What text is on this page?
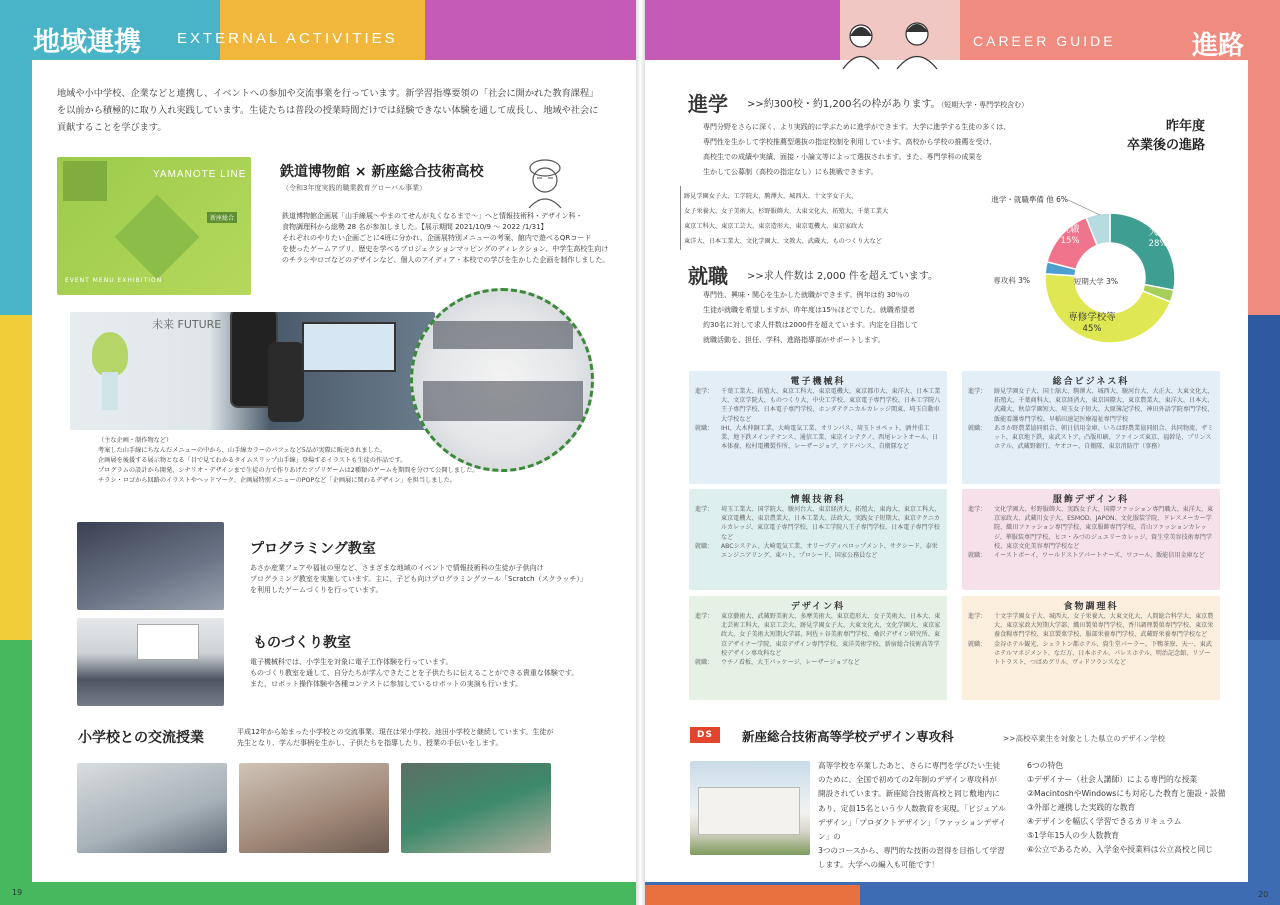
地域連携 EXTERNAL ACTIVITIES
地域や小中学校、企業などと連携し、イベントへの参加や交流事業を行っています。新学習指導要領の「社会に開かれた教育課程」
を以前から積極的に取り入れ実践しています。生徒たちは普段の授業時間だけでは経験できない体験を通して成長し、地域や社会に
貢献することを学びます。
YAMANOTE LINE
新座総合
EVENT MENU EXHIBITION
鉄道博物館 × 新座総合技術高校
（令和3年度実践的職業教育グローバル事業）
鉄道博物館企画展「山手線展～やまのてせんが丸くなるまで～」へと情報技術科・デザイン科・
食物調理科から総勢 28 名が参加しました。【展示期間 2021/10/9 ～ 2022 /1/31】
それぞれのやりたい企画ごとに4班に分かれ、企画展特別メニューの考案、館内で遊べるQRコード
を使ったゲームアプリ、歴史を学べるプロジェクションマッピングのディレクション、中学生高校生向け
のチラシやロゴなどのデザインなど、個人のアイディア・本校での学びを生かした企画を制作しました。
未来 FUTURE
（主な企画・制作物など）
考案した山手線にちなんだメニューの中から、山手線カラーのパフェなど5品が実際に販売されました。
企画展を後援する展示物となる「目で見てわかるタイムスリップ山手線」登場するイラストも生徒の作品です。
プログラムの設計から開発、シナリオ・デザインまで生徒の力で作りあげたアプリゲームは2種類のゲームを期間を分けて公開しました。
チラシ・ロゴから回路のイラストやヘッドマーク、企画展特別メニューのPOPなど「企画展に関わるデザイン」を担当しました。
プログラミング教室
あさか産業フェアや福祉の里など、さまざまな地域のイベントで情報技術科の生徒が子供向け
プログラミング教室を実施しています。主に、子ども向けプログラミングツール「Scratch（スクラッチ）」
を利用したゲームづくりを行っています。
ものづくり教室
電子機械科では、小学生を対象に電子工作体験を行っています。
ものづくり教室を通して、自分たちが学んできたことを子供たちに伝えることができる貴重な体験です。
また、ロボット操作体験や各種コンテストに参加しているロボットの実演も行います。
小学校との交流授業	平成12年から始まった小学校との交流事業。現在は栄小学校、池田小学校と継続しています。生徒が
先生となり、学んだ事柄を生かし、子供たちを指導したり、授業の手伝いをします。
19
CAREER GUIDE	進路
進学 >>約300校・約1,200名の枠があります。（短期大学・専門学校含む）
専門分野をさらに深く、より実践的に学ぶために進学ができます。大学に進学する生徒の多くは、
専門性を生かして学校推薦型選抜の指定校制を利用しています。高校から学校の推薦を受け、
高校生での成績や実績、面接・小論文等によって選抜されます。また、専門学科の成果を
生かして公募制（高校の指定なし）にも挑戦できます。
跡見学園女子大、工学院大、駒澤大、城西大、十文字女子大、
女子栄養大、女子美術大、杉野服飾大、大東文化大、拓殖大、千葉工業大
東京工科大、東京工芸大、東京造形大、東京電機大、東京家政大
東洋大、日本工業大、文化学園大、文教大、武蔵大、ものつくり大など
就職 >>求人件数は 2,000 件を超えています。
専門性、興味・関心を生かした就職ができます。例年は約 30％の
生徒が就職を希望しますが、昨年度は15％ほどでした。就職希望者
約30名に対して求人件数は2000件を超えています。内定を目指して
就職活動を、担任、学科、進路指導部がサポートします。
昨年度
卒業後の進路
大学
28%
短期大学 3%
専修学校等
45%
専攻科 3%
就職
15%
進学・就職準備 他 6%
電子機械科
進学：	千葉工業大、拓殖大、東京工科大、東京電機大、東京都市大、東洋大、日本工業大、文京学院大、ものつくり大、中央工学校、東京電子専門学校、日本工学院八王子専門学校、日本電子専門学校、ホンダテクニカルカレッジ関東、埼玉自動車大学校など
就職：	IHI、大木伸銅工業、大崎電気工業、オリンパス、埼玉トヨペット、酒井重工業、地下鉄メインテナンス、通信工業、東京インテクノ、西尾レントオール、日本体養、松村電機製作所、レーザージョブ、アドバンス、自衛隊など
総合ビジネス科
進学：	跡見学園女子大、国士舘大、駒澤大、城西大、駿河台大、大正大、大東文化大、拓殖大、千葉商科大、東京経済大、東京国際大、東京農業大、東洋大、日本大、武蔵大、秋草学園短大、埼玉女子短大、大原簿記学校、神田外語学院専門学校、飯能看護専門学校、早稲田速記医療福祉専門学校
就職：	あさか野農業協同組合、朝日信用金庫、いろは野農業協同組合、共同物流、ザミット、東京地下鉄、東武ストア、凸版印刷、ファインズ東京、福幹是、プリンスホテル、武蔵野銀行、ヤオコー、自衛隊、東京消防庁（事務）
情報技術科
進学：	埼玉工業大、国学院大、駿河台大、東京経済大、拓殖大、東海大、東京工科大、東京電機大、東京農業大、日本工業大、法政大、実践女子短期大、東京テクニカルカレッジ、東京電子専門学校、日本工学院八王子専門学校、日本電子専門学校など
就職：	ABCシステム、大崎電気工業、オリーブディベロップメント、サクシード、泰栄エンジニアリング、東ハト、プロシード、国家公務員など
服飾デザイン科
進学：	文化学園大、杉野服飾大、実践女子大、国際ファッション専門職大、東洋大、東京家政大、武蔵川女子大、ESMOD、JAPON、文化服装学院、ドレスメーカー学院、織田ファッション専門学校、東京服飾専門学校、青山ファッションカレッジ、華服装専門学校、ヒコ・みづのジュエリーカレッジ、資生堂美容技術専門学校、東京文化美容専門学校など
就職：	イーストボーイ、ワールドストアパートナーズ、ワコール、飯能信用金庫など
デザイン科
進学：	東京藝術大、武蔵野美術大、多摩美術大、東京造形大、女子美術大、日本大、東北芸術工科大、東京工芸大、跡見学園女子大、大東文化大、文化学園大、東京家政大、女子美術大短期大学部、阿佐ヶ谷美術専門学校、桑沢デザイン研究所、東京デザイナー学院、東京デザイン専門学校、東洋美術学校、新宿総合技術高等学校デザイン専攻科など
就職：	ウチノ看板、大王パッケージ、レーザージョブなど
食物調理科
進学：	十文字学園女子大、城西大、女子栄養大、大東文化大、人間総合科学大、東京農大、東京家政大短期大学部、織田製菓専門学校、香川調理製菓専門学校、東京栄養食糧専門学校、東京製菓学校、服部栄養専門学校、武蔵野栄養専門学校など
就職：	金谷ホテル観光、シェラトン都ホテル、資生堂パーラー、下鴨茶寮、天一、東武ホテルマネジメント、なだ万、日本ホテル、パレスホテル、明治記念館、リゾートトラスト、つばめグリル、ヴィドフランスなど
DS	新座総合技術高等学校デザイン専攻科	>>高校卒業生を対象とした県立のデザイン学校
高等学校を卒業したあと、さらに専門を学びたい生徒
のために、全国で初めての2年制のデザイン専攻科が
開設されています。新座総合技術高校と同じ敷地内に
あり、定員15名という少人数教育を実現。「ビジュアル
デザイン」「プロダクトデザイン」「ファッションデザイン」の
3つのコースから、専門的な技術の習得を目指して学習
します。大学への編入も可能です！
6つの特色
①デザイナー（社会人講師）による専門的な授業
②MacintoshやWindowsにも対応した教育と施設・設備
③外部と連携した実践的な教育
④デザインを幅広く学習できるカリキュラム
⑤1学年15人の少人数教育
⑥公立であるため、入学金や授業料は公立高校と同じ
20
